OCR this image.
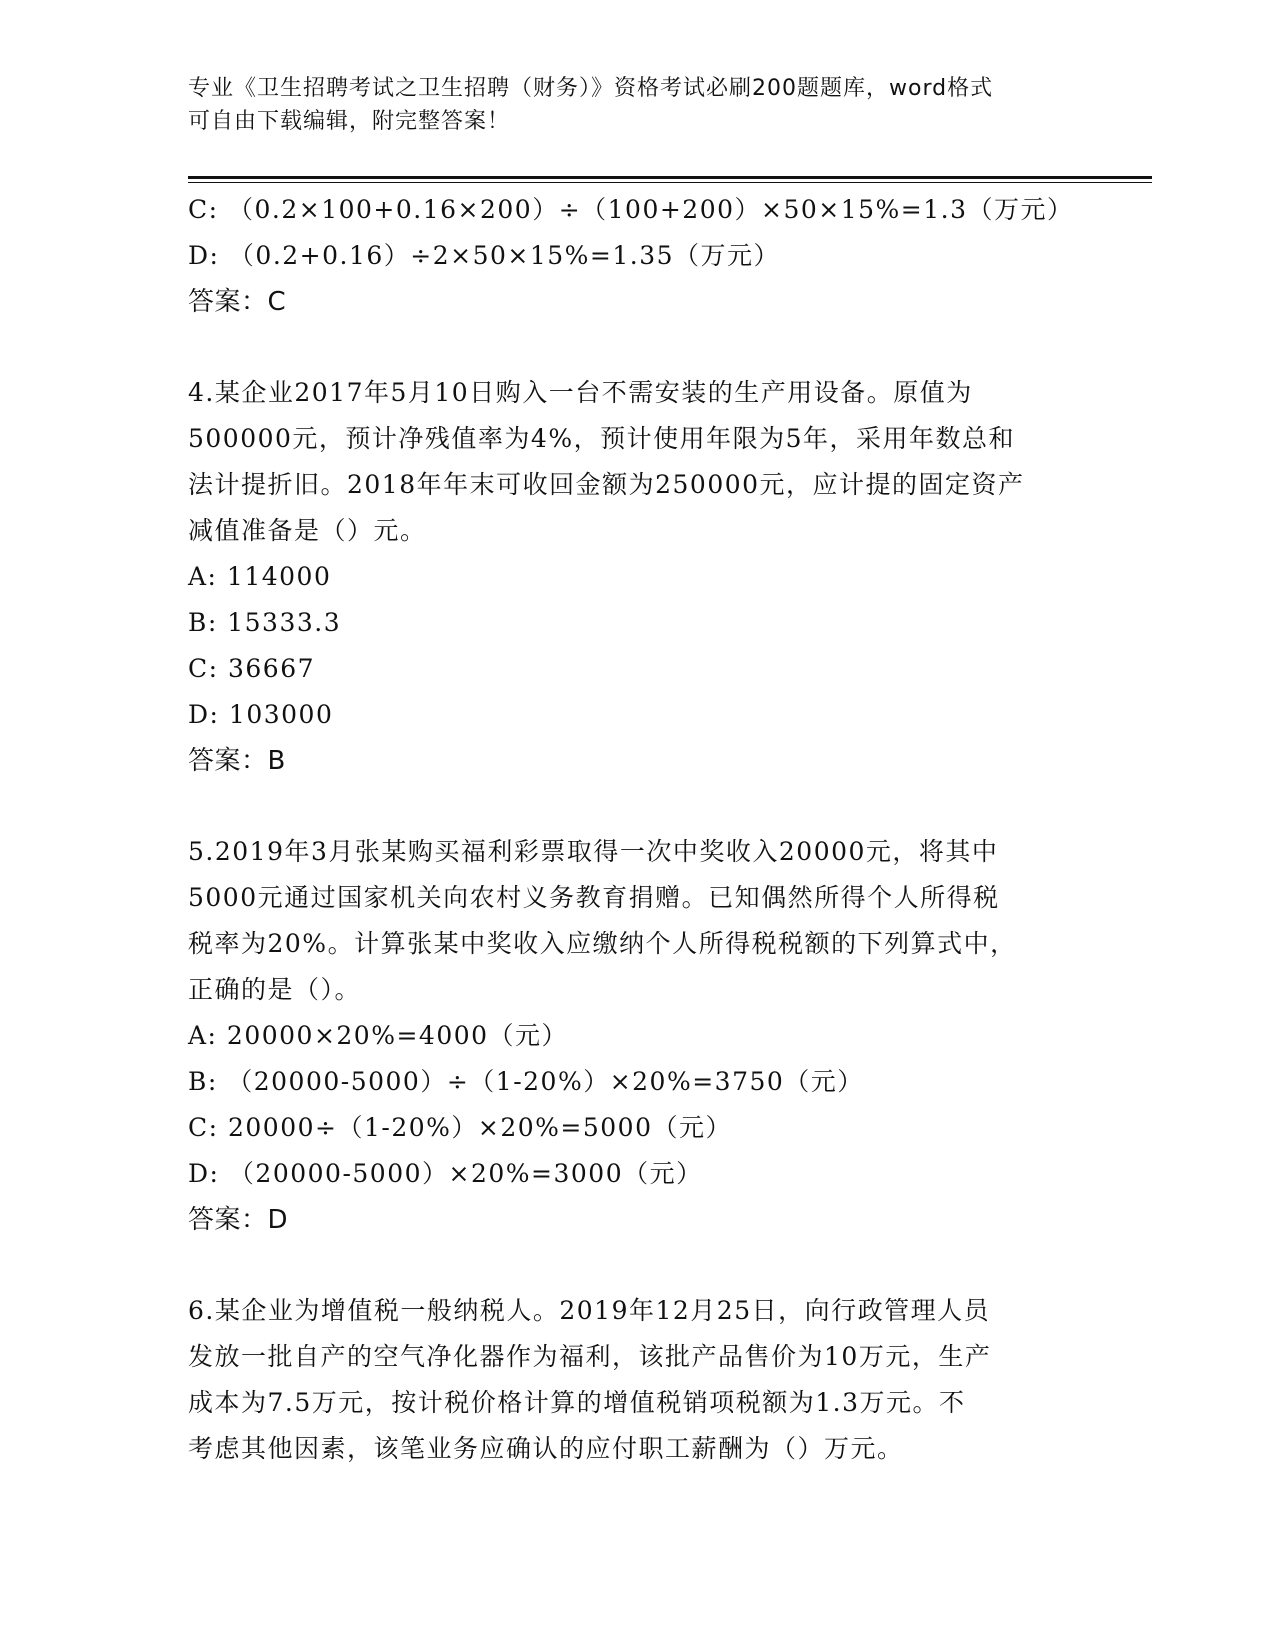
专业《卫生招聘考试之卫生招聘（财务）》资格考试必刷200题题库，word格式
可自由下载编辑，附完整答案！
C: （0.2×100+0.16×200）÷（100+200）×50×15%=1.3（万元）
D: （0.2+0.16）÷2×50×15%=1.35（万元）
答案：C
4.某企业2017年5月10日购入一台不需安装的生产用设备。原值为
500000元，预计净残值率为4%，预计使用年限为5年，采用年数总和
法计提折旧。2018年年末可收回金额为250000元，应计提的固定资产
减值准备是（）元。
A: 114000
B: 15333.3
C: 36667
D: 103000
答案：B
5.2019年3月张某购买福利彩票取得一次中奖收入20000元，将其中
5000元通过国家机关向农村义务教育捐赠。已知偶然所得个人所得税
税率为20%。计算张某中奖收入应缴纳个人所得税税额的下列算式中，
正确的是（）。
A: 20000×20%=4000（元）
B: （20000-5000）÷（1-20%）×20%=3750（元）
C: 20000÷（1-20%）×20%=5000（元）
D: （20000-5000）×20%=3000（元）
答案：D
6.某企业为增值税一般纳税人。2019年12月25日，向行政管理人员
发放一批自产的空气净化器作为福利，该批产品售价为10万元，生产
成本为7.5万元，按计税价格计算的增值税销项税额为1.3万元。不
考虑其他因素，该笔业务应确认的应付职工薪酬为（）万元。
